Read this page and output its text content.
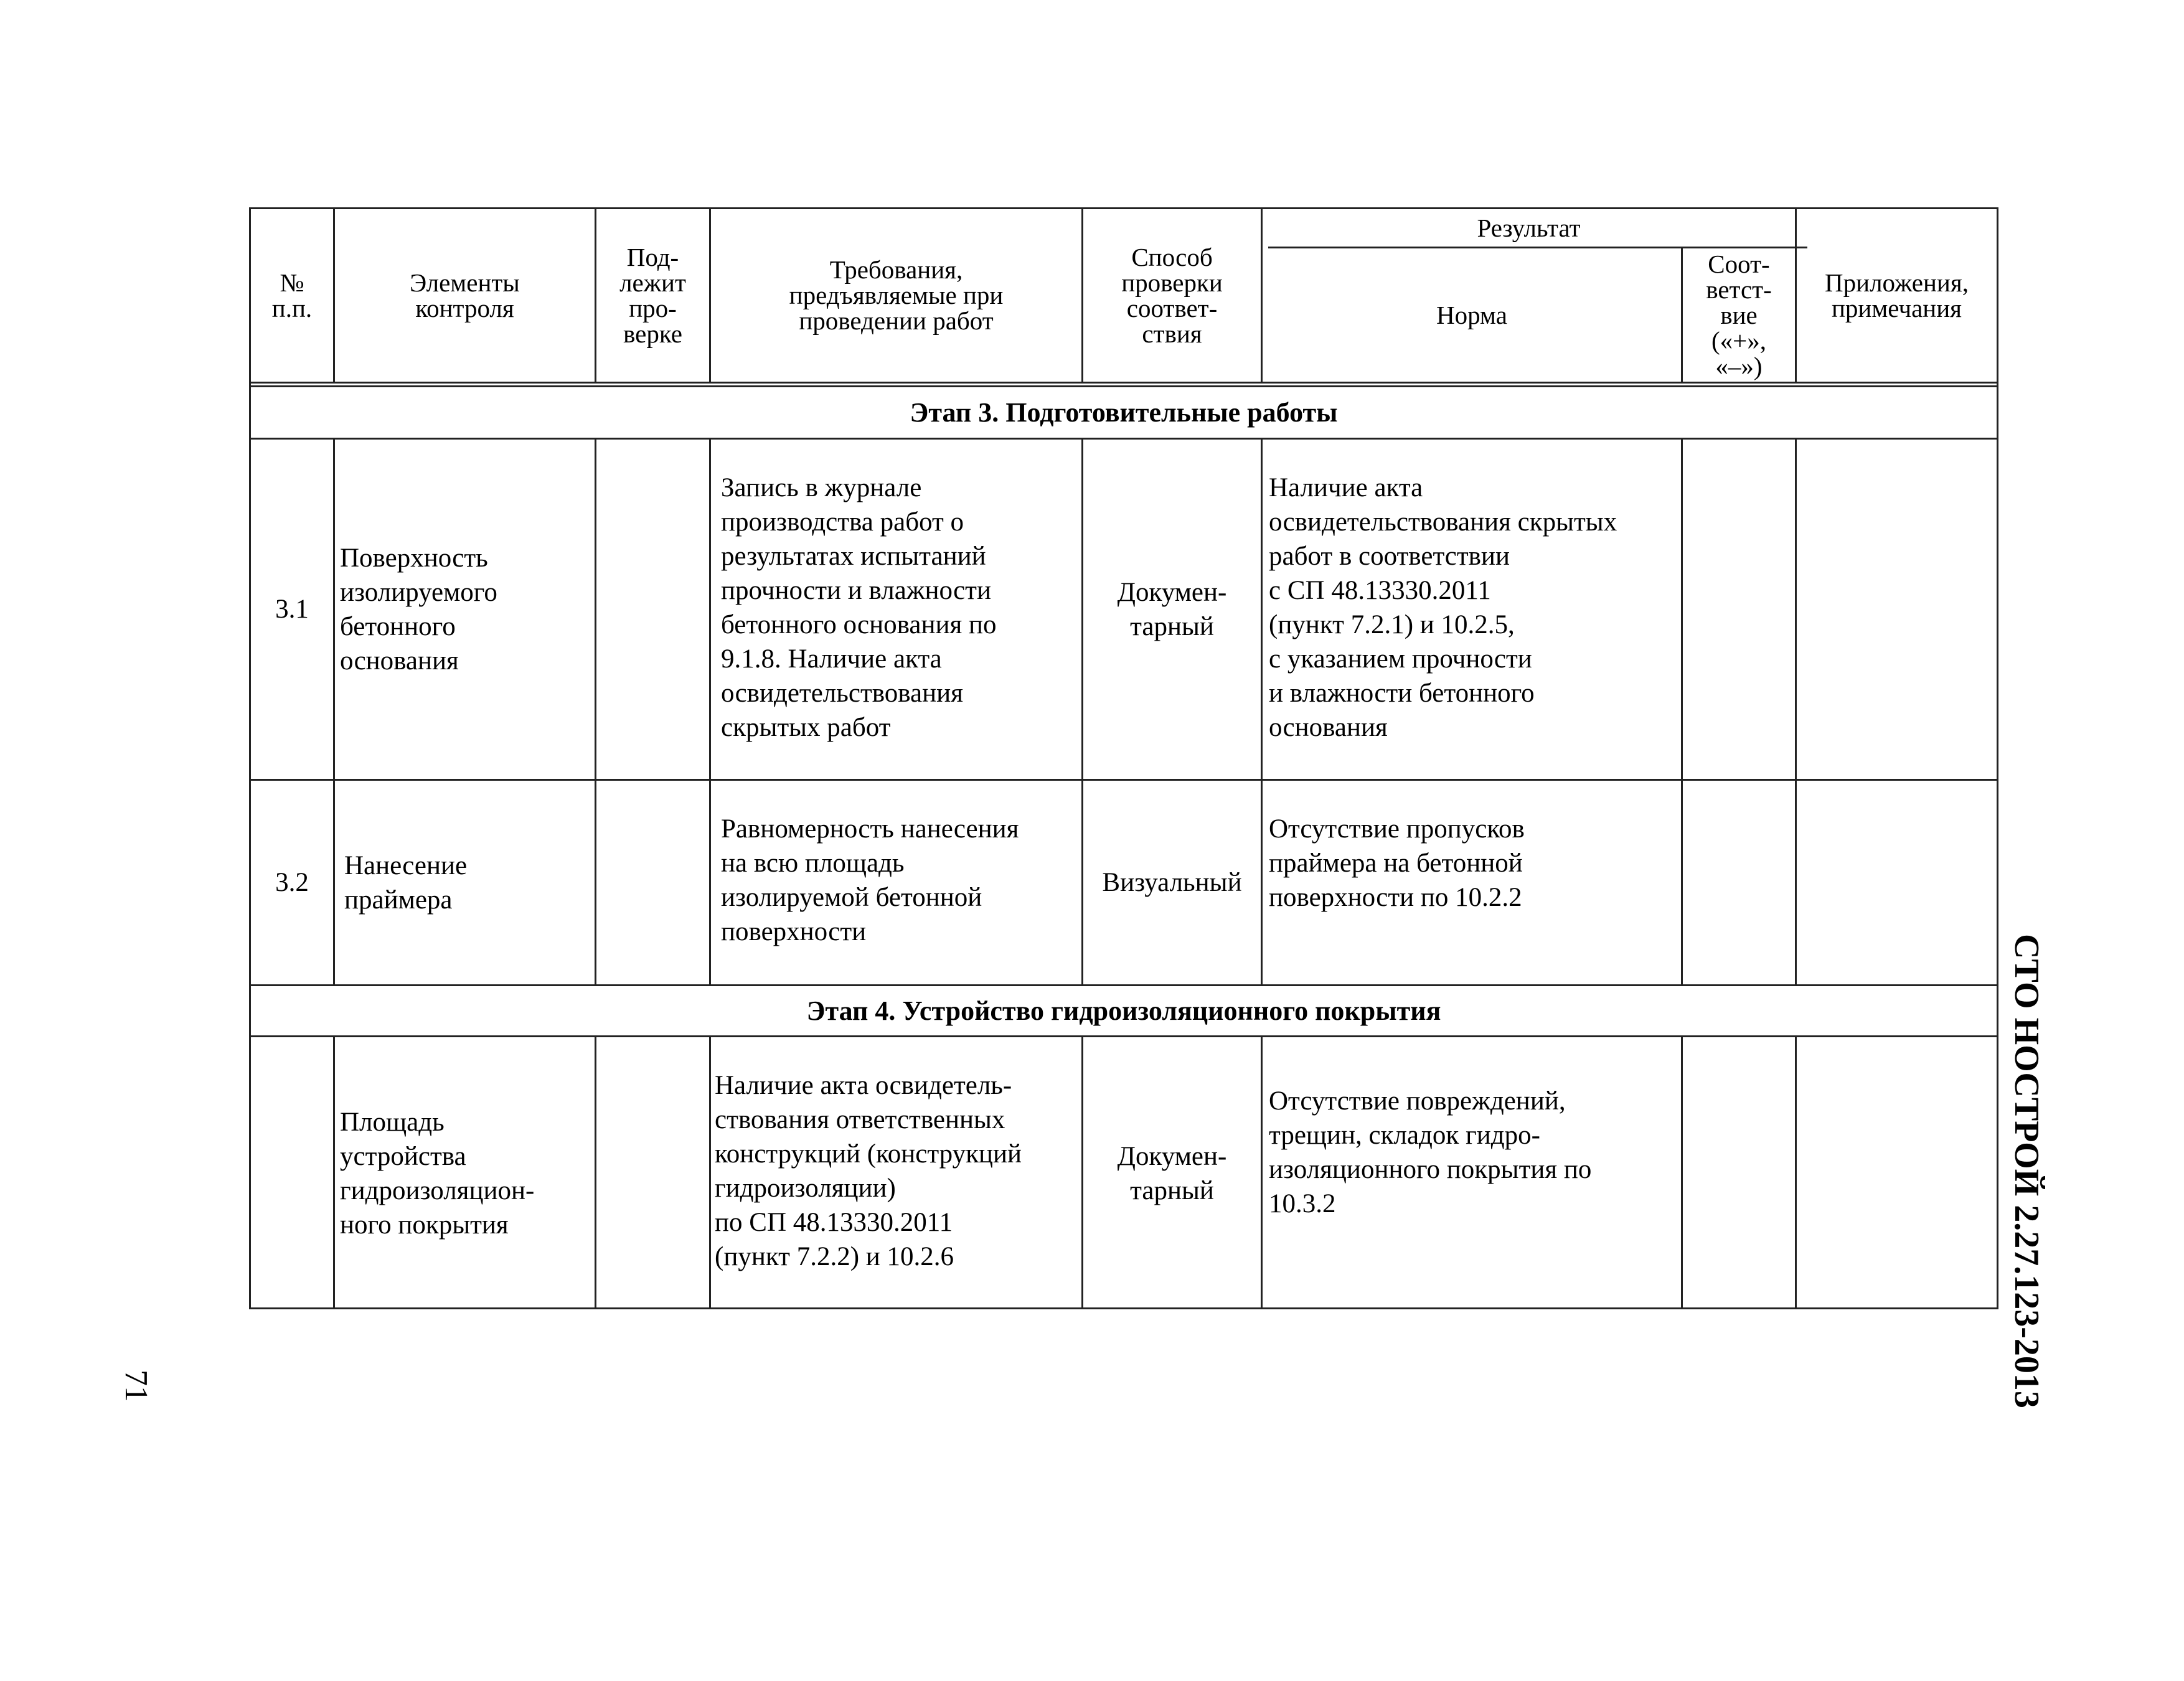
№
п.п.
Элементы
контроля
Под-
лежит
про-
верке
Требования,
предъявляемые при
проведении работ
Способ
проверки
соответ-
ствия
Результат
Норма
Соот-
ветст-
вие
(«+»,
«–»)
Приложения,
примечания
Этап 3. Подготовительные работы
3.1
Поверхность
изолируемого
бетонного
основания
Запись в журнале
производства работ о
результатах испытаний
прочности и влажности
бетонного основания по
9.1.8. Наличие акта
освидетельствования
скрытых работ
Докумен-
тарный
Наличие акта
освидетельствования скрытых
работ в соответствии
с СП 48.13330.2011
(пункт 7.2.1) и 10.2.5,
с указанием прочности
и влажности бетонного
основания
3.2
Нанесение
праймера
Равномерность нанесения
на всю площадь
изолируемой бетонной
поверхности
Визуальный
Отсутствие пропусков
праймера на бетонной
поверхности по 10.2.2
Этап 4. Устройство гидроизоляционного покрытия
Площадь
устройства
гидроизоляцион-
ного покрытия
Наличие акта освидетель-
ствования ответственных
конструкций (конструкций
гидроизоляции)
по СП 48.13330.2011
(пункт 7.2.2) и 10.2.6
Докумен-
тарный
Отсутствие повреждений,
трещин, складок гидро-
изоляционного покрытия по
10.3.2	СТО НОСТРОЙ 2.27.123-2013
71
